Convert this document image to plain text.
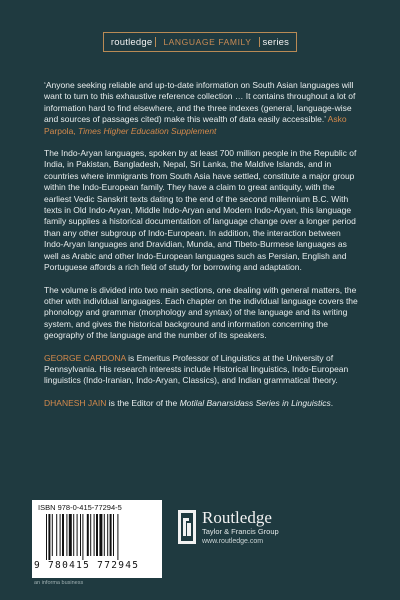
routledge LANGUAGE FAMILY series

‘Anyone seeking reliable and up-to-date information on South Asian languages will want to turn to this exhaustive reference collection … It contains throughout a lot of information hard to find elsewhere, and the three indexes (general, language-wise and sources of passages cited) make this wealth of data easily accessible.’ Asko Parpola, Times Higher Education Supplement

The Indo-Aryan languages, spoken by at least 700 million people in the Republic of India, in Pakistan, Bangladesh, Nepal, Sri Lanka, the Maldive Islands, and in countries where immigrants from South Asia have settled, constitute a major group within the Indo-European family. They have a claim to great antiquity, with the earliest Vedic Sanskrit texts dating to the end of the second millennium B.C. With texts in Old Indo-Aryan, Middle Indo-Aryan and Modern Indo-Aryan, this language family supplies a historical documentation of language change over a longer period than any other subgroup of Indo-European. In addition, the interaction between Indo-Aryan languages and Dravidian, Munda, and Tibeto-Burmese languages as well as Arabic and other Indo-European languages such as Persian, English and Portuguese affords a rich field of study for borrowing and adaptation.

The volume is divided into two main sections, one dealing with general matters, the other with individual languages. Each chapter on the individual language covers the phonology and grammar (morphology and syntax) of the language and its writing system, and gives the historical background and information concerning the geography of the language and the number of its speakers.

GEORGE CARDONA is Emeritus Professor of Linguistics at the University of Pennsylvania. His research interests include Historical linguistics, Indo-European linguistics (Indo-Iranian, Indo-Aryan, Classics), and Indian grammatical theory.

DHANESH JAIN is the Editor of the Motilal Banarsidass Series in Linguistics.

ISBN 978-0-415-77294-5
9 780415 772945
an informa business
Routledge
Taylor & Francis Group
www.routledge.com
